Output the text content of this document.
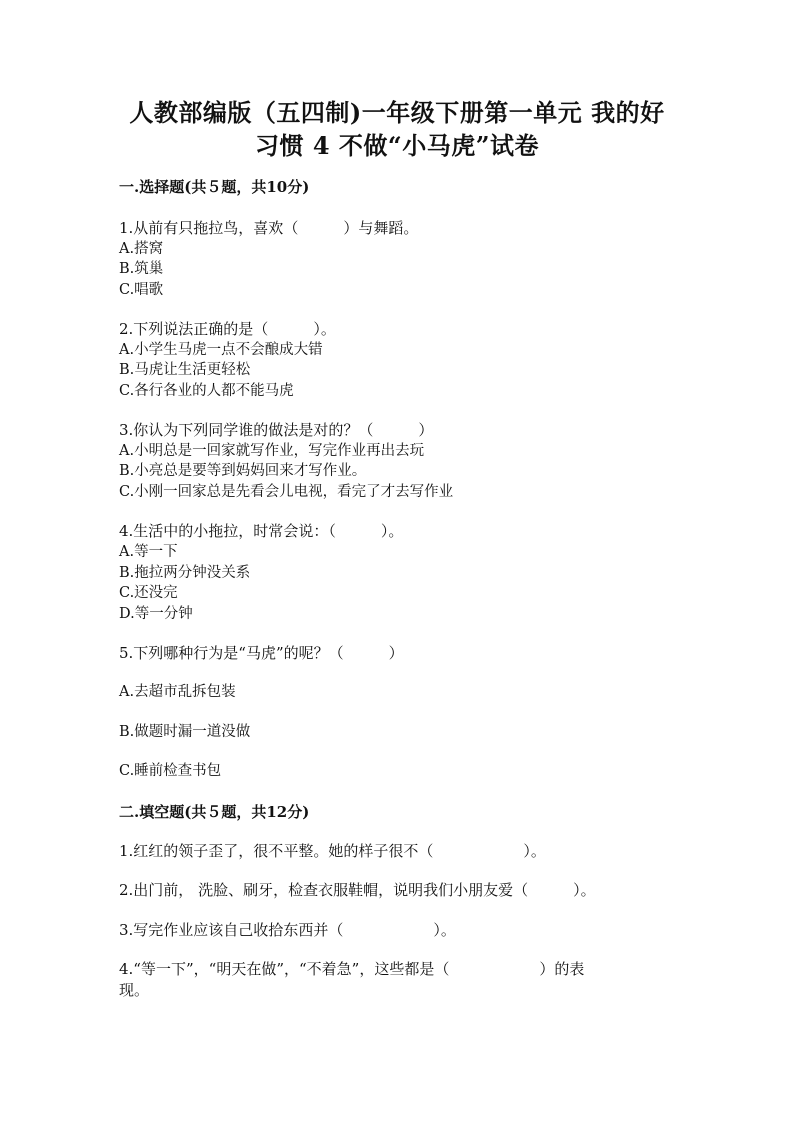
人教部编版（五四制)一年级下册第一单元 我的好
习惯 4 不做“小马虎”试卷
一.选择题(共５题，共10分)
1.从前有只拖拉鸟，喜欢（　　　）与舞蹈。
A.搭窝
B.筑巢
C.唱歌
2.下列说法正确的是（　　　）。
A.小学生马虎一点不会酿成大错
B.马虎让生活更轻松
C.各行各业的人都不能马虎
3.你认为下列同学谁的做法是对的？（　　　）
A.小明总是一回家就写作业，写完作业再出去玩
B.小亮总是要等到妈妈回来才写作业。
C.小刚一回家总是先看会儿电视，看完了才去写作业
4.生活中的小拖拉，时常会说：（　　　）。
A.等一下
B.拖拉两分钟没关系
C.还没完
D.等一分钟
5.下列哪种行为是“马虎”的呢？（　　　）
A.去超市乱拆包装
B.做题时漏一道没做
C.睡前检查书包
二.填空题(共５题，共12分)
1.红红的领子歪了，很不平整。她的样子很不（　　　　　　）。
2.出门前， 洗脸、刷牙，检查衣服鞋帽，说明我们小朋友爱（　　　）。
3.写完作业应该自己收拾东西并（　　　　　　）。
4.“等一下”，“明天在做”，“不着急”，这些都是（　　　　　　）的表
现。
